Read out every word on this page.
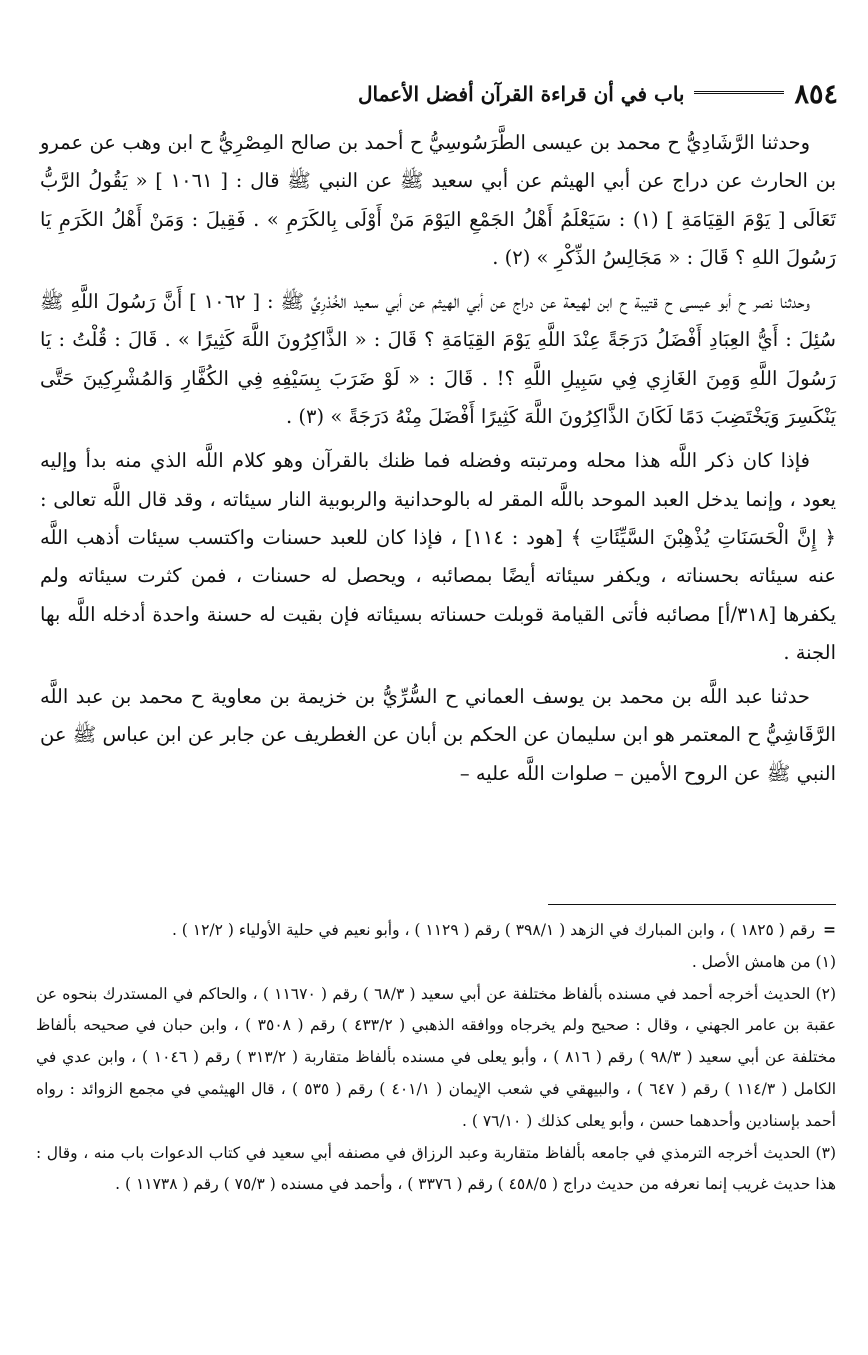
٨٥٤
باب في أن قراءة القرآن أفضل الأعمال

وحدثنا الرَّشَادِيُّ ح محمد بن عيسى الطَّرَسُوسِيُّ ح أحمد بن صالح المِصْرِيُّ ح ابن وهب عن عمرو بن الحارث عن دراج عن أبي الهيثم عن أبي سعيد ﷺ عن النبي ﷺ قال : [ ١٠٦١ ] « يَقُولُ الرَّبُّ تَعَالَى [ يَوْمَ القِيَامَةِ ] (١) : سَيَعْلَمُ أَهْلُ الجَمْعِ اليَوْمَ مَنْ أَوْلَى بِالكَرَمِ » . فَقِيلَ : وَمَنْ أَهْلُ الكَرَمِ يَا رَسُولَ اللهِ ؟ قَالَ : « مَجَالِسُ الذِّكْرِ » (٢) .

وحدثنا نصر ح أبو عيسى ح قتيبة ح ابن لهيعة عن دراج عن أبي الهيثم عن أبي سعيد الخُدْرِيِّ ﷺ : [ ١٠٦٢ ] أَنَّ رَسُولَ اللَّهِ ﷺ سُئِلَ : أَيُّ العِبَادِ أَفْضَلُ دَرَجَةً عِنْدَ اللَّهِ يَوْمَ القِيَامَةِ ؟ قَالَ : « الذَّاكِرُونَ اللَّهَ كَثِيرًا » . قَالَ : قُلْتُ : يَا رَسُولَ اللَّهِ وَمِنَ الغَازِي فِي سَبِيلِ اللَّهِ ؟! . قَالَ : « لَوْ ضَرَبَ بِسَيْفِهِ فِي الكُفَّارِ وَالمُشْرِكِينَ حَتَّى يَنْكَسِرَ وَيَخْتَضِبَ دَمًا لَكَانَ الذَّاكِرُونَ اللَّهَ كَثِيرًا أَفْضَلَ مِنْهُ دَرَجَةً » (٣) .

فإذا كان ذكر اللَّه هذا محله ومرتبته وفضله فما ظنك بالقرآن وهو كلام اللَّه الذي منه بدأ وإليه يعود ، وإنما يدخل العبد الموحد باللَّه المقر له بالوحدانية والربوبية النار سيئاته ، وقد قال اللَّه تعالى : ﴿ إِنَّ الْحَسَنَاتِ يُذْهِبْنَ السَّيِّئَاتِ ﴾ [هود : ١١٤] ، فإذا كان للعبد حسنات واكتسب سيئات أذهب اللَّه عنه سيئاته بحسناته ، ويكفر سيئاته أيضًا بمصائبه ، ويحصل له حسنات ، فمن كثرت سيئاته ولم يكفرها [٣١٨/أ] مصائبه فأتى القيامة قوبلت حسناته بسيئاته فإن بقيت له حسنة واحدة أدخله اللَّه بها الجنة .

حدثنا عبد اللَّه بن محمد بن يوسف العماني ح السُّرِّيُّ بن خزيمة بن معاوية ح محمد بن عبد اللَّه الرَّقَاشِيُّ ح المعتمر هو ابن سليمان عن الحكم بن أبان عن الغطريف عن جابر عن ابن عباس ﷺ عن النبي ﷺ عن الروح الأمين – صلوات اللَّه عليه –

= رقم ( ١٨٢٥ ) ، وابن المبارك في الزهد ( ٣٩٨/١ ) رقم ( ١١٢٩ ) ، وأبو نعيم في حلية الأولياء ( ١٢/٢ ) .

(١) من هامش الأصل .

(٢) الحديث أخرجه أحمد في مسنده بألفاظ مختلفة عن أبي سعيد ( ٦٨/٣ ) رقم ( ١١٦٧٠ ) ، والحاكم في المستدرك بنحوه عن عقبة بن عامر الجهني ، وقال : صحيح ولم يخرجاه ووافقه الذهبي ( ٤٣٣/٢ ) رقم ( ٣٥٠٨ ) ، وابن حبان في صحيحه بألفاظ مختلفة عن أبي سعيد ( ٩٨/٣ ) رقم ( ٨١٦ ) ، وأبو يعلى في مسنده بألفاظ متقاربة ( ٣١٣/٢ ) رقم ( ١٠٤٦ ) ، وابن عدي في الكامل ( ١١٤/٣ ) رقم ( ٦٤٧ ) ، والبيهقي في شعب الإيمان ( ٤٠١/١ ) رقم ( ٥٣٥ ) ، قال الهيثمي في مجمع الزوائد : رواه أحمد بإسنادين وأحدهما حسن ، وأبو يعلى كذلك ( ٧٦/١٠ ) .

(٣) الحديث أخرجه الترمذي في جامعه بألفاظ متقاربة وعبد الرزاق في مصنفه أبي سعيد في كتاب الدعوات باب منه ، وقال : هذا حديث غريب إنما نعرفه من حديث دراج ( ٤٥٨/٥ ) رقم ( ٣٣٧٦ ) ، وأحمد في مسنده ( ٧٥/٣ ) رقم ( ١١٧٣٨ ) .
